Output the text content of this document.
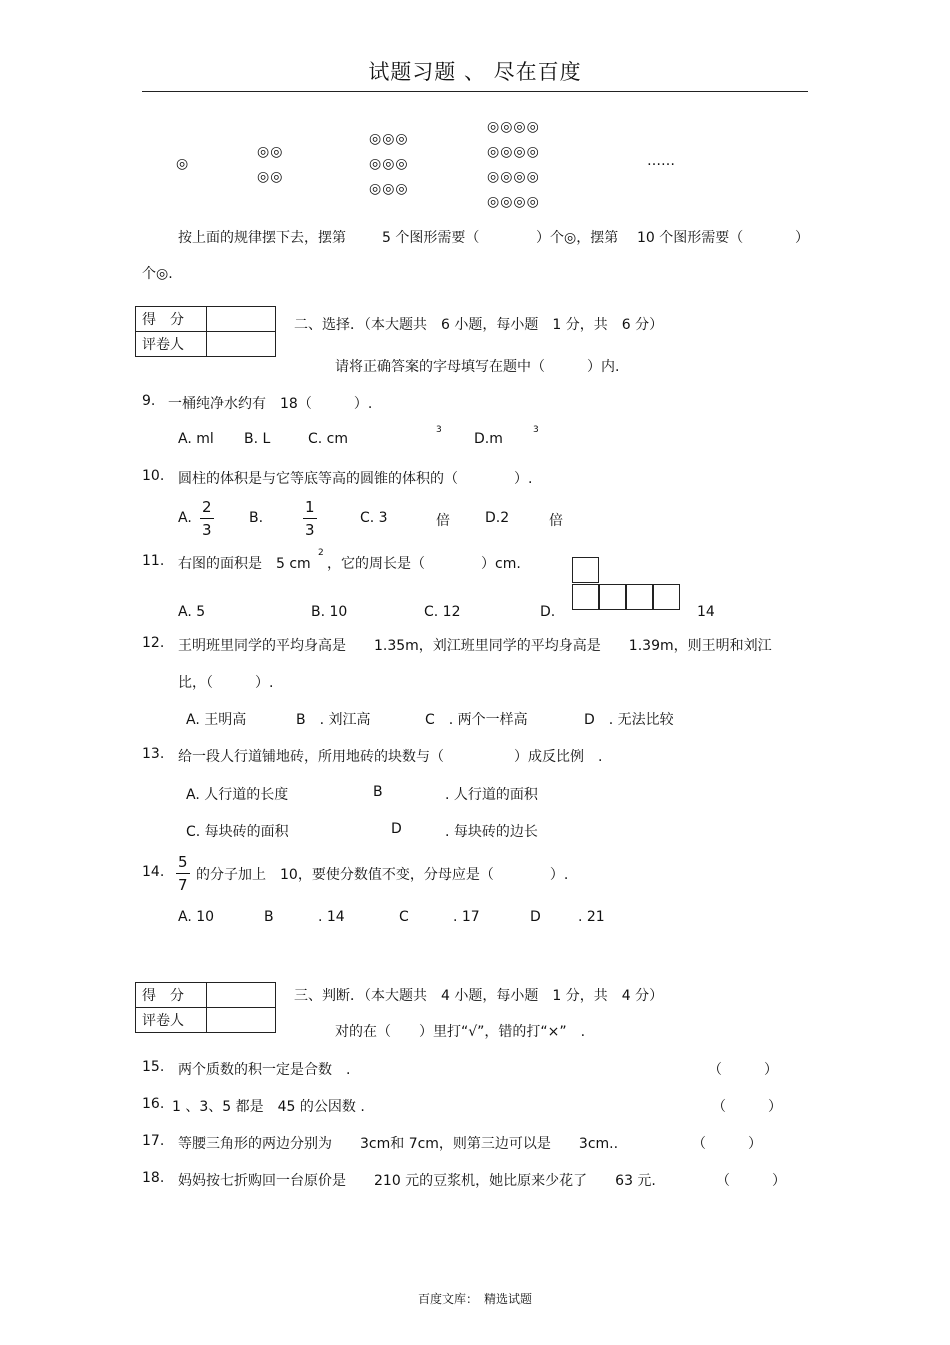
试题习题 、 尽在百度
◎
◎◎
◎◎
◎◎◎
◎◎◎
◎◎◎
◎◎◎◎
◎◎◎◎
◎◎◎◎
◎◎◎◎
……
按上面的规律摆下去，摆第	5 个图形需要（	）个◎，摆第 10 个图形需要（	）
个◎.
得　分	
评卷人	
二、选择．（本大题共　6 小题，每小题　1 分，共　6 分）
请将正确答案的字母填写在题中（　　　）内.
9. 一桶纯净水约有　18（　　　）.
A. ml B. L	C. cm
3
D.m
3
10. 圆柱的体积是与它等底等高的圆锥的体积的（　　　　）.
A. $\frac{2}{3}$	B.	$\frac{1}{3}$	C. 3	倍	D.2	倍
11. 右图的面积是　5 cm
2
，它的周长是（　　　　）cm.
A. 5	B. 10	C. 12	D.	14
12. 王明班里同学的平均身高是　　1.35m，刘江班里同学的平均身高是　　1.39m，则王明和刘江
比，（　　　）.
A. 王明高	B　. 刘江高	C　. 两个一样高	D　. 无法比较
13. 给一段人行道铺地砖，所用地砖的块数与（　　　　　）成反比例　.
A. 人行道的长度	B	. 人行道的面积
C. 每块砖的面积	D	. 每块砖的边长
14. $\frac{5}{7}$ 的分子加上　10，要使分数值不变，分母应是（　　　　）.
A. 10	B	. 14	C	. 17	D	. 21
得　分	
评卷人	
三、判断．（本大题共　4 小题，每小题　1 分，共　4 分）
对的在（　　）里打“√”，错的打“×”　.
15. 两个质数的积一定是合数　.	（　　　）
16. 1 、3、5 都是　45 的公因数 .	（　　　）
17. 等腰三角形的两边分别为　　3cm和 7cm，则第三边可以是　　3cm..	（　　　）
18. 妈妈按七折购回一台原价是　　210 元的豆浆机，她比原来少花了　　63 元.	（　　　）
百度文库：　精选试题
